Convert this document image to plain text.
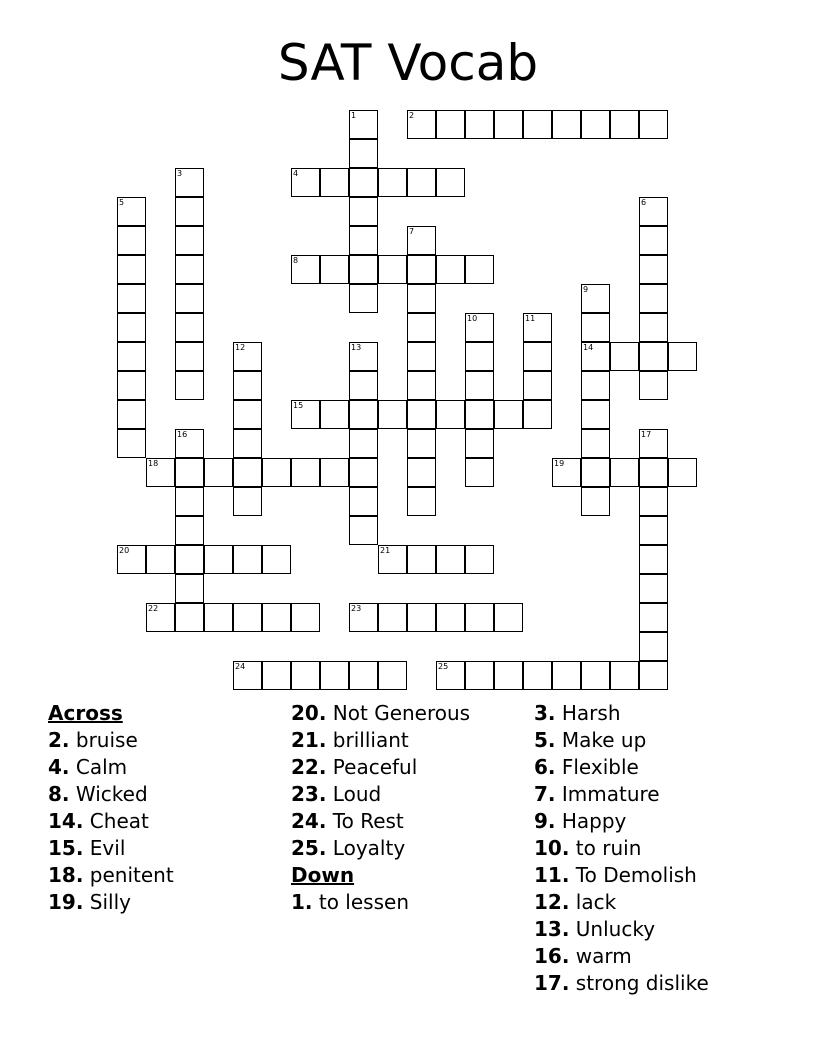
SAT Vocab
1	2
3	4
5	6
7
8
9
14
10	11
12	13
15
16	17
18	19
20	21
22	23
24	25
Across
2. bruise
4. Calm
8. Wicked
14. Cheat
15. Evil
18. penitent
19. Silly
20. Not Generous
21. brilliant
22. Peaceful
23. Loud
24. To Rest
25. Loyalty
Down
1. to lessen
3. Harsh
5. Make up
6. Flexible
7. Immature
9. Happy
10. to ruin
11. To Demolish
12. lack
13. Unlucky
16. warm
17. strong dislike
